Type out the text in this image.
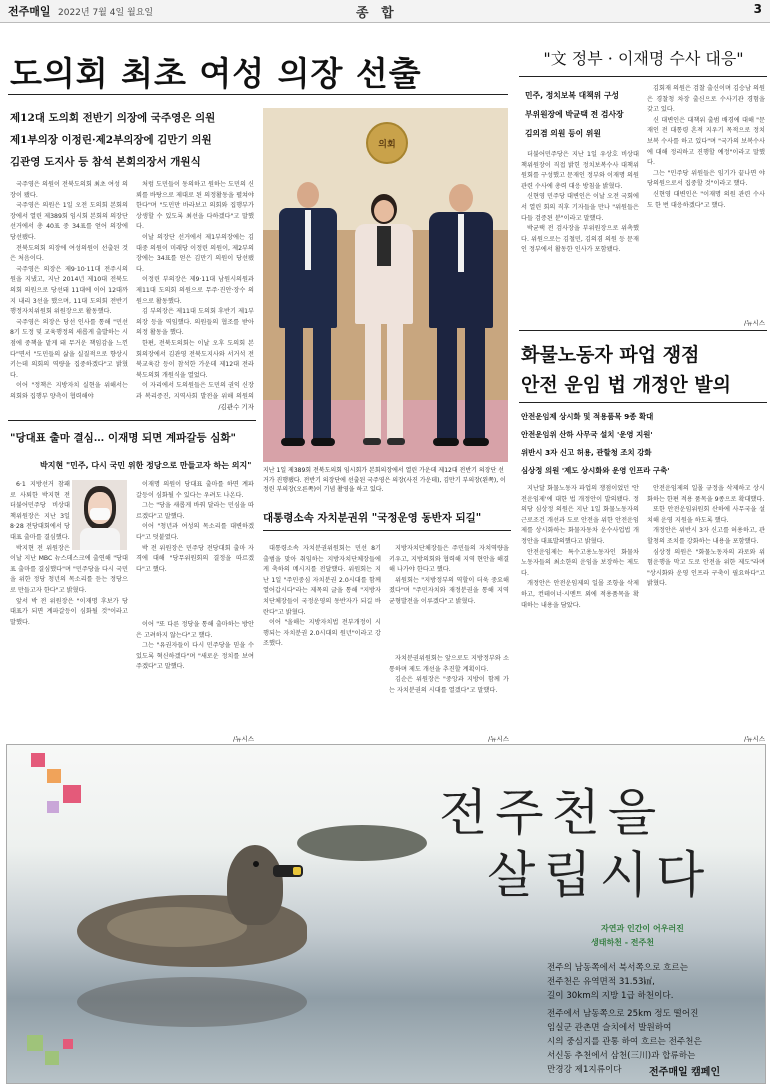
전주매일 2022년 7월 4일 월요일	종 합	3
도의회 최초 여성 의장 선출
제12대 도의회 전반기 의장에 국주영은 의원
제1부의장 이정린·제2부의장에 김만기 의원
김관영 도지사 등 참석 본회의장서 개원식

국주영은 의원이 전북도의회 최초 여성 의장이 됐다.

국주영은 의원은 1일 오전 도의회 본회의장에서 열린 제389회 임시회 본회의 의장단 선거에서 총 40표 중 34표를 얻어 의장에 당선됐다.

전북도의회 의장에 여성의원이 선출된 것은 처음이다.

국주영은 의장은 제9·10·11대 전주시의원을 지냈고, 지난 2014년 제10대 전북도의회 의원으로 당선돼 11대에 이어 12대까지 내리 3선을 했으며, 11대 도의회 전반기 행정자치위원회 위원장으로 활동했다.

국주영은 의장은 당선 인사를 통해 "민선 8기 도정 및 교육행정의 새롭게 출발하는 시점에 중책을 맡게 돼 무거운 책임감을 느낀다"면서 "도민들의 삶을 실질적으로 향상시키는데 의회의 역량을 집중하겠다"고 밝혔다.

이어 "정책은 지방자치 실현을 위해서는 의회와 집행부 양측이 협력해야

처럼 도민들이 동의하고 원하는 도민의 신뢰를 바탕으로 제대로 된 의정활동을 펼쳐야 한다"며 "도민만 바라보고 의회와 집행부가 상생할 수 있도록 최선을 다하겠다"고 말했다.

이날 의장단 선거에서 제1부의장에는 김대중 의원이 미래당 이정린 의원이, 제2부의장에는 34표를 얻은 김만기 의원이 당선됐다.

이정린 부의장은 제9·11대 남원시의원과 제11대 도의회 의원으로 무주·진안·장수 의원으로 활동했다.

김 부의장은 제11대 도의회 후반기 제1부의장 등을 역임했다. 의원들의 협조를 받아 의정 활동을 했다.

한편, 전북도의회는 이날 오후 도의회 본회의장에서 김관영 전북도지사와 서거석 전북교육감 등이 참석한 가운데 제12대 전라북도의회 개원식을 열었다.

이 자리에서 도의원들은 도민의 권익 신장과 복리증진, 지역사회 발전을 위해 의원의

/김관수 기자
의회
지난 1일 제389회 전북도의회 임시회가 본회의장에서 열린 가운데 제12대 전반기 의장단 선거가 진행됐다. 전반기 의장단에 선출된 국주영은 의장(사진 가운데), 김만기 부의장(왼쪽), 이정린 부의장(오른쪽)이 기념 촬영을 하고 있다.
"文 정부 · 이재명 수사 대응"
민주, 정치보복 대책위 구성
부위원장에 박균택 전 검사장
김의겸 의원 등이 위원

더불어민주당은 지난 1일 우상호 비상대책위원장이 직접 밝힌 정치보복수사 대책위원회를 구성했고 문재인 정부와 이재명 의원 관련 수사에 총력 대응 방침을 밝혔다.

신현영 민주당 대변인은 이날 오전 국회에서 열린 회의 직후 기자들을 만나 "위원들은 다들 검증된 분"이라고 말했다.

박균택 전 검사장을 부위원장으로 위촉했다. 위원으로는 김철민, 김의겸 의원 등 문재인 정부에서 활동한 인사가 포함됐다.

김회재 의원은 검찰 출신이며 김승남 의원은 경찰청 차장 출신으로 수사기관 경험을 갖고 있다.

신 대변인은 대책위 출범 배경에 대해 "문재인 전 대통령 흔적 지우기 목적으로 정치보복 수사를 하고 있다"며 "국가의 보복수사에 대해 정리하고 진행할 예정"이라고 말했다.

그는 "민주당 위원들은 임기가 끝나면 야당의원으로서 집중할 것"이라고 했다.

신현영 대변인은 "이재명 의원 관련 수사도 한 번 대응하겠다"고 했다.

/뉴시스
화물노동자 파업 쟁점
안전 운임 법 개정안 발의
안전운임제 상시화 및 적용품목 9종 확대
안전운임위 산하 사무국 설치 '운영 지원'
위반시 3자 신고 허용, 관할청 조치 강화
심상정 의원 '제도 상시화와 운영 인프라 구축'

지난달 화물노동자 파업의 쟁점이었던 '안전운임제'에 대한 법 개정안이 발의됐다. 정의당 심상정 의원은 지난 1일 화물노동자의 근로조건 개선과 도로 안전을 위한 안전운임제를 상시화하는 화물자동차 운수사업법 개정안을 대표발의했다고 밝혔다.

안전운임제는 특수고용노동자인 화물차 노동자들의 최소한의 운임을 보장하는 제도다.

개정안은 안전운임제의 일몰 조항을 삭제하고, 컨테이너·시멘트 외에 적용품목을 확대하는 내용을 담았다.

안전운임제의 일몰 규정을 삭제하고 상시화하는 한편 적용 품목을 9종으로 확대했다.

또한 안전운임위원회 산하에 사무국을 설치해 운영 지원을 하도록 했다.

개정안은 위반시 3자 신고를 허용하고, 관할청의 조치를 강화하는 내용을 포함했다.

심상정 의원은 "화물노동자의 과로와 위험운행을 막고 도로 안전을 위한 제도"라며 "상시화와 운영 인프라 구축이 필요하다"고 밝혔다.

/뉴시스
"당대표 출마 결심… 이재명 되면 계파갈등 심화"
박지현 "민주, 다시 국민 위한 정당으로 만들고자 하는 의지"

6·1 지방선거 참패로 사퇴한 박지현 전 더불어민주당 비상대책위원장은 지난 3일 8·28 전당대회에서 당대표 출마를 결심했다.

박지현 전 위원장은 이날 지난 MBC 뉴스데스크에 출연해 "당대표 출마를 결심했다"며 "민주당을 다시 국민을 위한 정당 청년의 목소리를 듣는 정당으로 만들고자 한다"고 밝혔다.

앞서 박 전 위원장은 "이재명 후보가 당 대표가 되면 계파갈등이 심화될 것"이라고 말했다.

이재명 의원이 당대표 출마를 하면 계파 갈등이 심화될 수 있다는 우려도 나온다.

그는 "당을 새롭게 바꿔 달라는 민심을 따르겠다"고 말했다.

이어 "청년과 여성의 목소리를 대변하겠다"고 덧붙였다.

박 전 위원장은 민주당 전당대회 출마 자격에 대해 "당무위원회의 결정을 따르겠다"고 했다.

이어 "또 다른 정당을 통해 출마하는 방안은 고려하지 않는다"고 했다.

그는 "유권자들이 다시 민주당을 믿을 수 있도록 혁신하겠다"며 "새로운 정치를 보여주겠다"고 말했다.

/뉴시스
대통령소속 자치분권위 "국정운영 동반자 되길"

대통령소속 자치분권위원회는 민선 8기 출범을 맞아 취임하는 지방자치단체장들에게 축하의 메시지를 전달했다. 위원회는 지난 1일 "주민중심 자치분권 2.0시대를 함께 열어갑시다"라는 제목의 글을 통해 "지방자치단체장들이 국정운영의 동반자가 되길 바란다"고 밝혔다.

이어 "올해는 지방자치법 전부개정이 시행되는 자치분권 2.0시대의 원년"이라고 강조했다.

지방자치단체장들은 주민들의 자치역량을 키우고, 지방의회와 협력해 지역 현안을 해결해 나가야 한다고 했다.

위원회는 "지방정부의 역할이 더욱 중요해졌다"며 "주민자치와 재정분권을 통해 지역 균형발전을 이루겠다"고 밝혔다.

자치분권위원회는 앞으로도 지방정부와 소통하며 제도 개선을 추진할 계획이다.

김순은 위원장은 "중앙과 지방이 함께 가는 자치분권의 시대를 열겠다"고 말했다.

/뉴시스
전주천을
살립시다
자연과 인간이 어우러진
생태하천 - 전주천
전주의 남동쪽에서 북서쪽으로 흐르는
전주천은 유역면적 31.53㎢,
길이 30km의 지방 1급 하천이다.
전주에서 남동쪽으로 25km 정도 떨어진
임실군 관촌면 슬치에서 발원하여
시의 중심지를 관통 하여 흐르는 전주천은
서신동 추천에서 삼천(三川)과 합류하는
만경강 제1지류이다	전주매일 캠페인
